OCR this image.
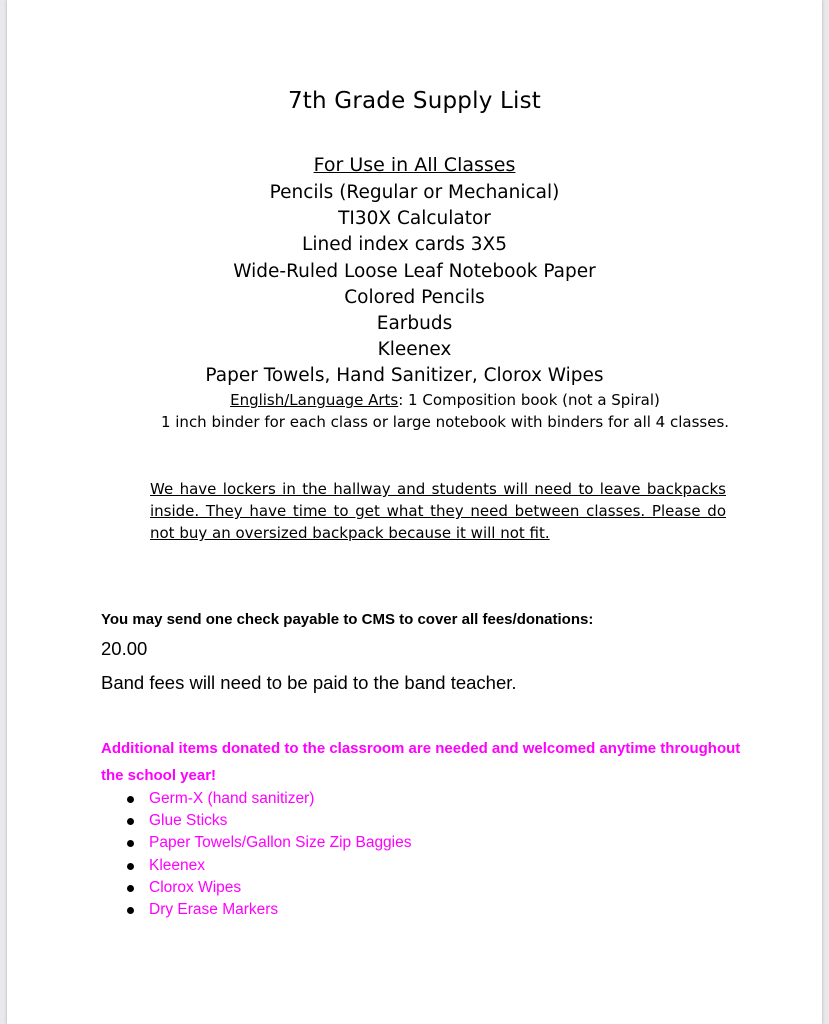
7th Grade Supply List
For Use in All Classes
Pencils (Regular or Mechanical)
TI30X Calculator
Lined index cards 3X5
Wide-Ruled Loose Leaf Notebook Paper
Colored Pencils
Earbuds
Kleenex
Paper Towels, Hand Sanitizer, Clorox Wipes
English/Language Arts: 1 Composition book (not a Spiral)
1 inch binder for each class or large notebook with binders for all 4 classes.
We have lockers in the hallway and students will need to leave backpacks inside. They have time to get what they need between classes. Please do not buy an oversized backpack because it will not fit.
You may send one check payable to CMS to cover all fees/donations:
20.00
Band fees will need to be paid to the band teacher.
Additional items donated to the classroom are needed and welcomed anytime throughout the school year!
Germ-X (hand sanitizer)
Glue Sticks
Paper Towels/Gallon Size Zip Baggies
Kleenex
Clorox Wipes
Dry Erase Markers
